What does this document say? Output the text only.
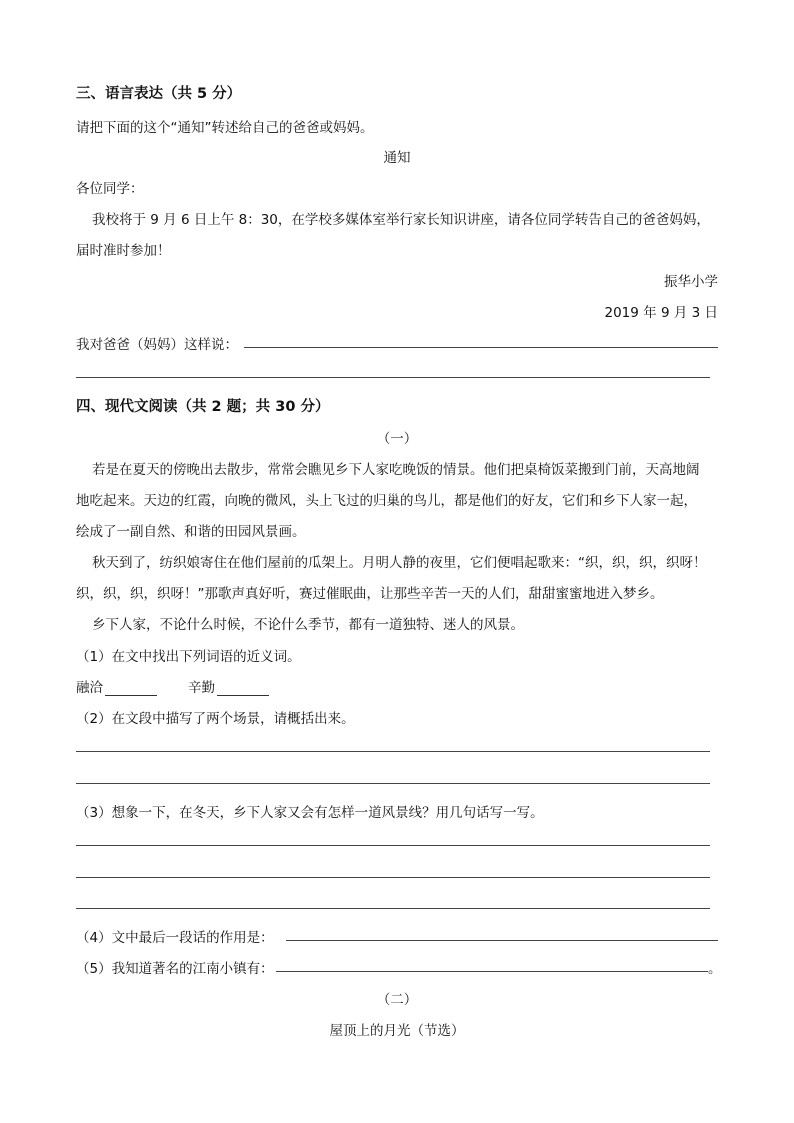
三、语言表达（共 5 分）
请把下面的这个“通知”转述给自己的爸爸或妈妈。
通知
各位同学：
我校将于 9 月 6 日上午 8：30，在学校多媒体室举行家长知识讲座，请各位同学转告自己的爸爸妈妈，
届时准时参加！
振华小学
2019 年 9 月 3 日
我对爸爸（妈妈）这样说：
四、现代文阅读（共 2 题；共 30 分）
（一）
若是在夏天的傍晚出去散步，常常会瞧见乡下人家吃晚饭的情景。他们把桌椅饭菜搬到门前，天高地阔
地吃起来。天边的红霞，向晚的微风，头上飞过的归巢的鸟儿，都是他们的好友，它们和乡下人家一起，
绘成了一副自然、和谐的田园风景画。
秋天到了，纺织娘寄住在他们屋前的瓜架上。月明人静的夜里，它们便唱起歌来：“织，织，织，织呀！
织，织，织，织呀！”那歌声真好听，赛过催眠曲，让那些辛苦一天的人们，甜甜蜜蜜地进入梦乡。
乡下人家，不论什么时候，不论什么季节，都有一道独特、迷人的风景。
（1）在文中找出下列词语的近义词。
融洽	辛勤
（2）在文段中描写了两个场景，请概括出来。
（3）想象一下，在冬天，乡下人家又会有怎样一道风景线？用几句话写一写。
（4）文中最后一段话的作用是：
（5）我知道著名的江南小镇有：	。
（二）
屋顶上的月光（节选）
